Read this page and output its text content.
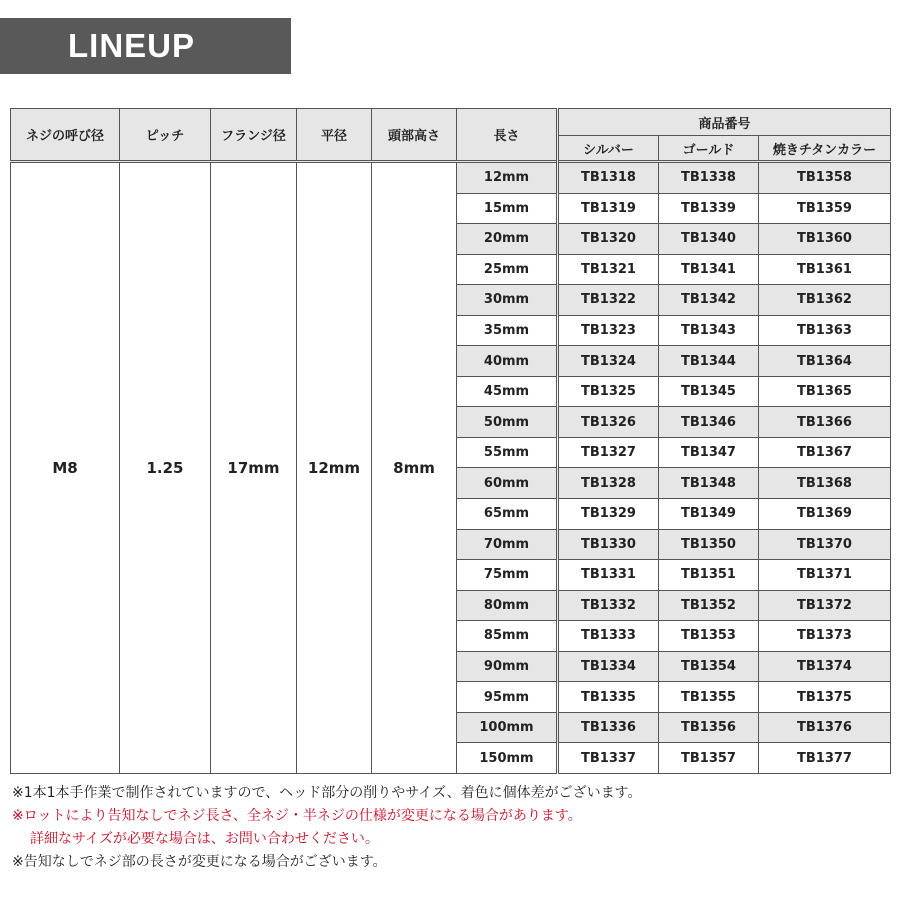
LINEUP
ネジの呼び径	ピッチ	フランジ径	平径	頭部高さ	長さ	商品番号		
						シルバー	ゴールド	焼きチタンカラー
M8	1.25	17mm	12mm	8mm	12mm	TB1318	TB1338	TB1358
					15mm	TB1319	TB1339	TB1359
					20mm	TB1320	TB1340	TB1360
					25mm	TB1321	TB1341	TB1361
					30mm	TB1322	TB1342	TB1362
					35mm	TB1323	TB1343	TB1363
					40mm	TB1324	TB1344	TB1364
					45mm	TB1325	TB1345	TB1365
					50mm	TB1326	TB1346	TB1366
					55mm	TB1327	TB1347	TB1367
					60mm	TB1328	TB1348	TB1368
					65mm	TB1329	TB1349	TB1369
					70mm	TB1330	TB1350	TB1370
					75mm	TB1331	TB1351	TB1371
					80mm	TB1332	TB1352	TB1372
					85mm	TB1333	TB1353	TB1373
					90mm	TB1334	TB1354	TB1374
					95mm	TB1335	TB1355	TB1375
					100mm	TB1336	TB1356	TB1376
					150mm	TB1337	TB1357	TB1377
※1本1本手作業で制作されていますので、ヘッド部分の削りやサイズ、着色に個体差がございます。
※ロットにより告知なしでネジ長さ、全ネジ・半ネジの仕様が変更になる場合があります。
詳細なサイズが必要な場合は、お問い合わせください。
※告知なしでネジ部の長さが変更になる場合がございます。
